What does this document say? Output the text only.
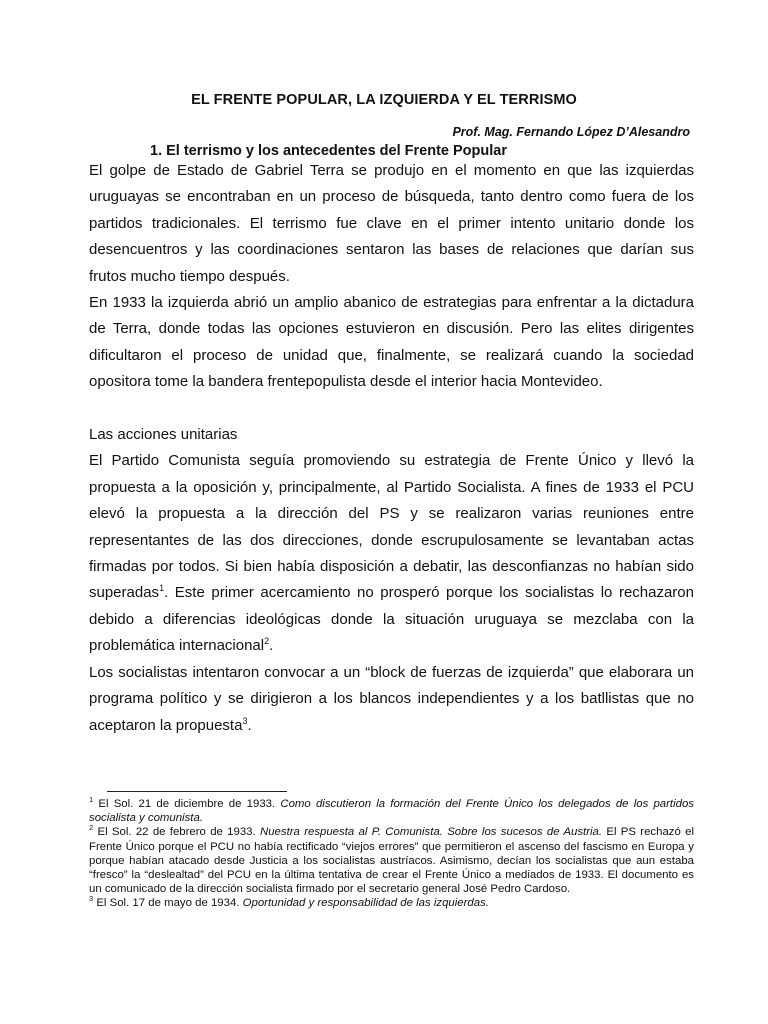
EL FRENTE POPULAR, LA IZQUIERDA Y EL TERRISMO
Prof. Mag. Fernando López D’Alesandro
1. El terrismo y los antecedentes del Frente Popular

El golpe de Estado de Gabriel Terra se produjo en el momento en que las izquierdas uruguayas se encontraban en un proceso de búsqueda, tanto dentro como fuera de los partidos tradicionales. El terrismo fue clave en el primer intento unitario donde los desencuentros y las coordinaciones sentaron las bases de relaciones que darían sus frutos mucho tiempo después.

En 1933 la izquierda abrió un amplio abanico de estrategias para enfrentar a la dictadura de Terra, donde todas las opciones estuvieron en discusión. Pero las elites dirigentes dificultaron el proceso de unidad que, finalmente, se realizará cuando la sociedad opositora tome la bandera frentepopulista desde el interior hacia Montevideo.

Las acciones unitarias

El Partido Comunista seguía promoviendo su estrategia de Frente Único y llevó la propuesta a la oposición y, principalmente, al Partido Socialista. A fines de 1933 el PCU elevó la propuesta a la dirección del PS y se realizaron varias reuniones entre representantes de las dos direcciones, donde escrupulosamente se levantaban actas firmadas por todos. Si bien había disposición a debatir, las desconfianzas no habían sido superadas$^1$. Este primer acercamiento no prosperó porque los socialistas lo rechazaron debido a diferencias ideológicas donde la situación uruguaya se mezclaba con la problemática internacional$^2$.

Los socialistas intentaron convocar a un “block de fuerzas de izquierda” que elaborara un programa político y se dirigieron a los blancos independientes y a los batllistas que no aceptaron la propuesta$^3$.

$^1$ El Sol. 21 de diciembre de 1933. Como discutieron la formación del Frente Único los delegados de los partidos socialista y comunista.

$^2$ El Sol. 22 de febrero de 1933. Nuestra respuesta al P. Comunista. Sobre los sucesos de Austria. El PS rechazó el Frente Único porque el PCU no había rectificado “viejos errores” que permitieron el ascenso del fascismo en Europa y porque habían atacado desde Justicia a los socialistas austríacos. Asimismo, decían los socialistas que aun estaba “fresco” la “deslealtad” del PCU en la última tentativa de crear el Frente Único a mediados de 1933. El documento es un comunicado de la dirección socialista firmado por el secretario general José Pedro Cardoso.

$^3$ El Sol. 17 de mayo de 1934. Oportunidad y responsabilidad de las izquierdas.
